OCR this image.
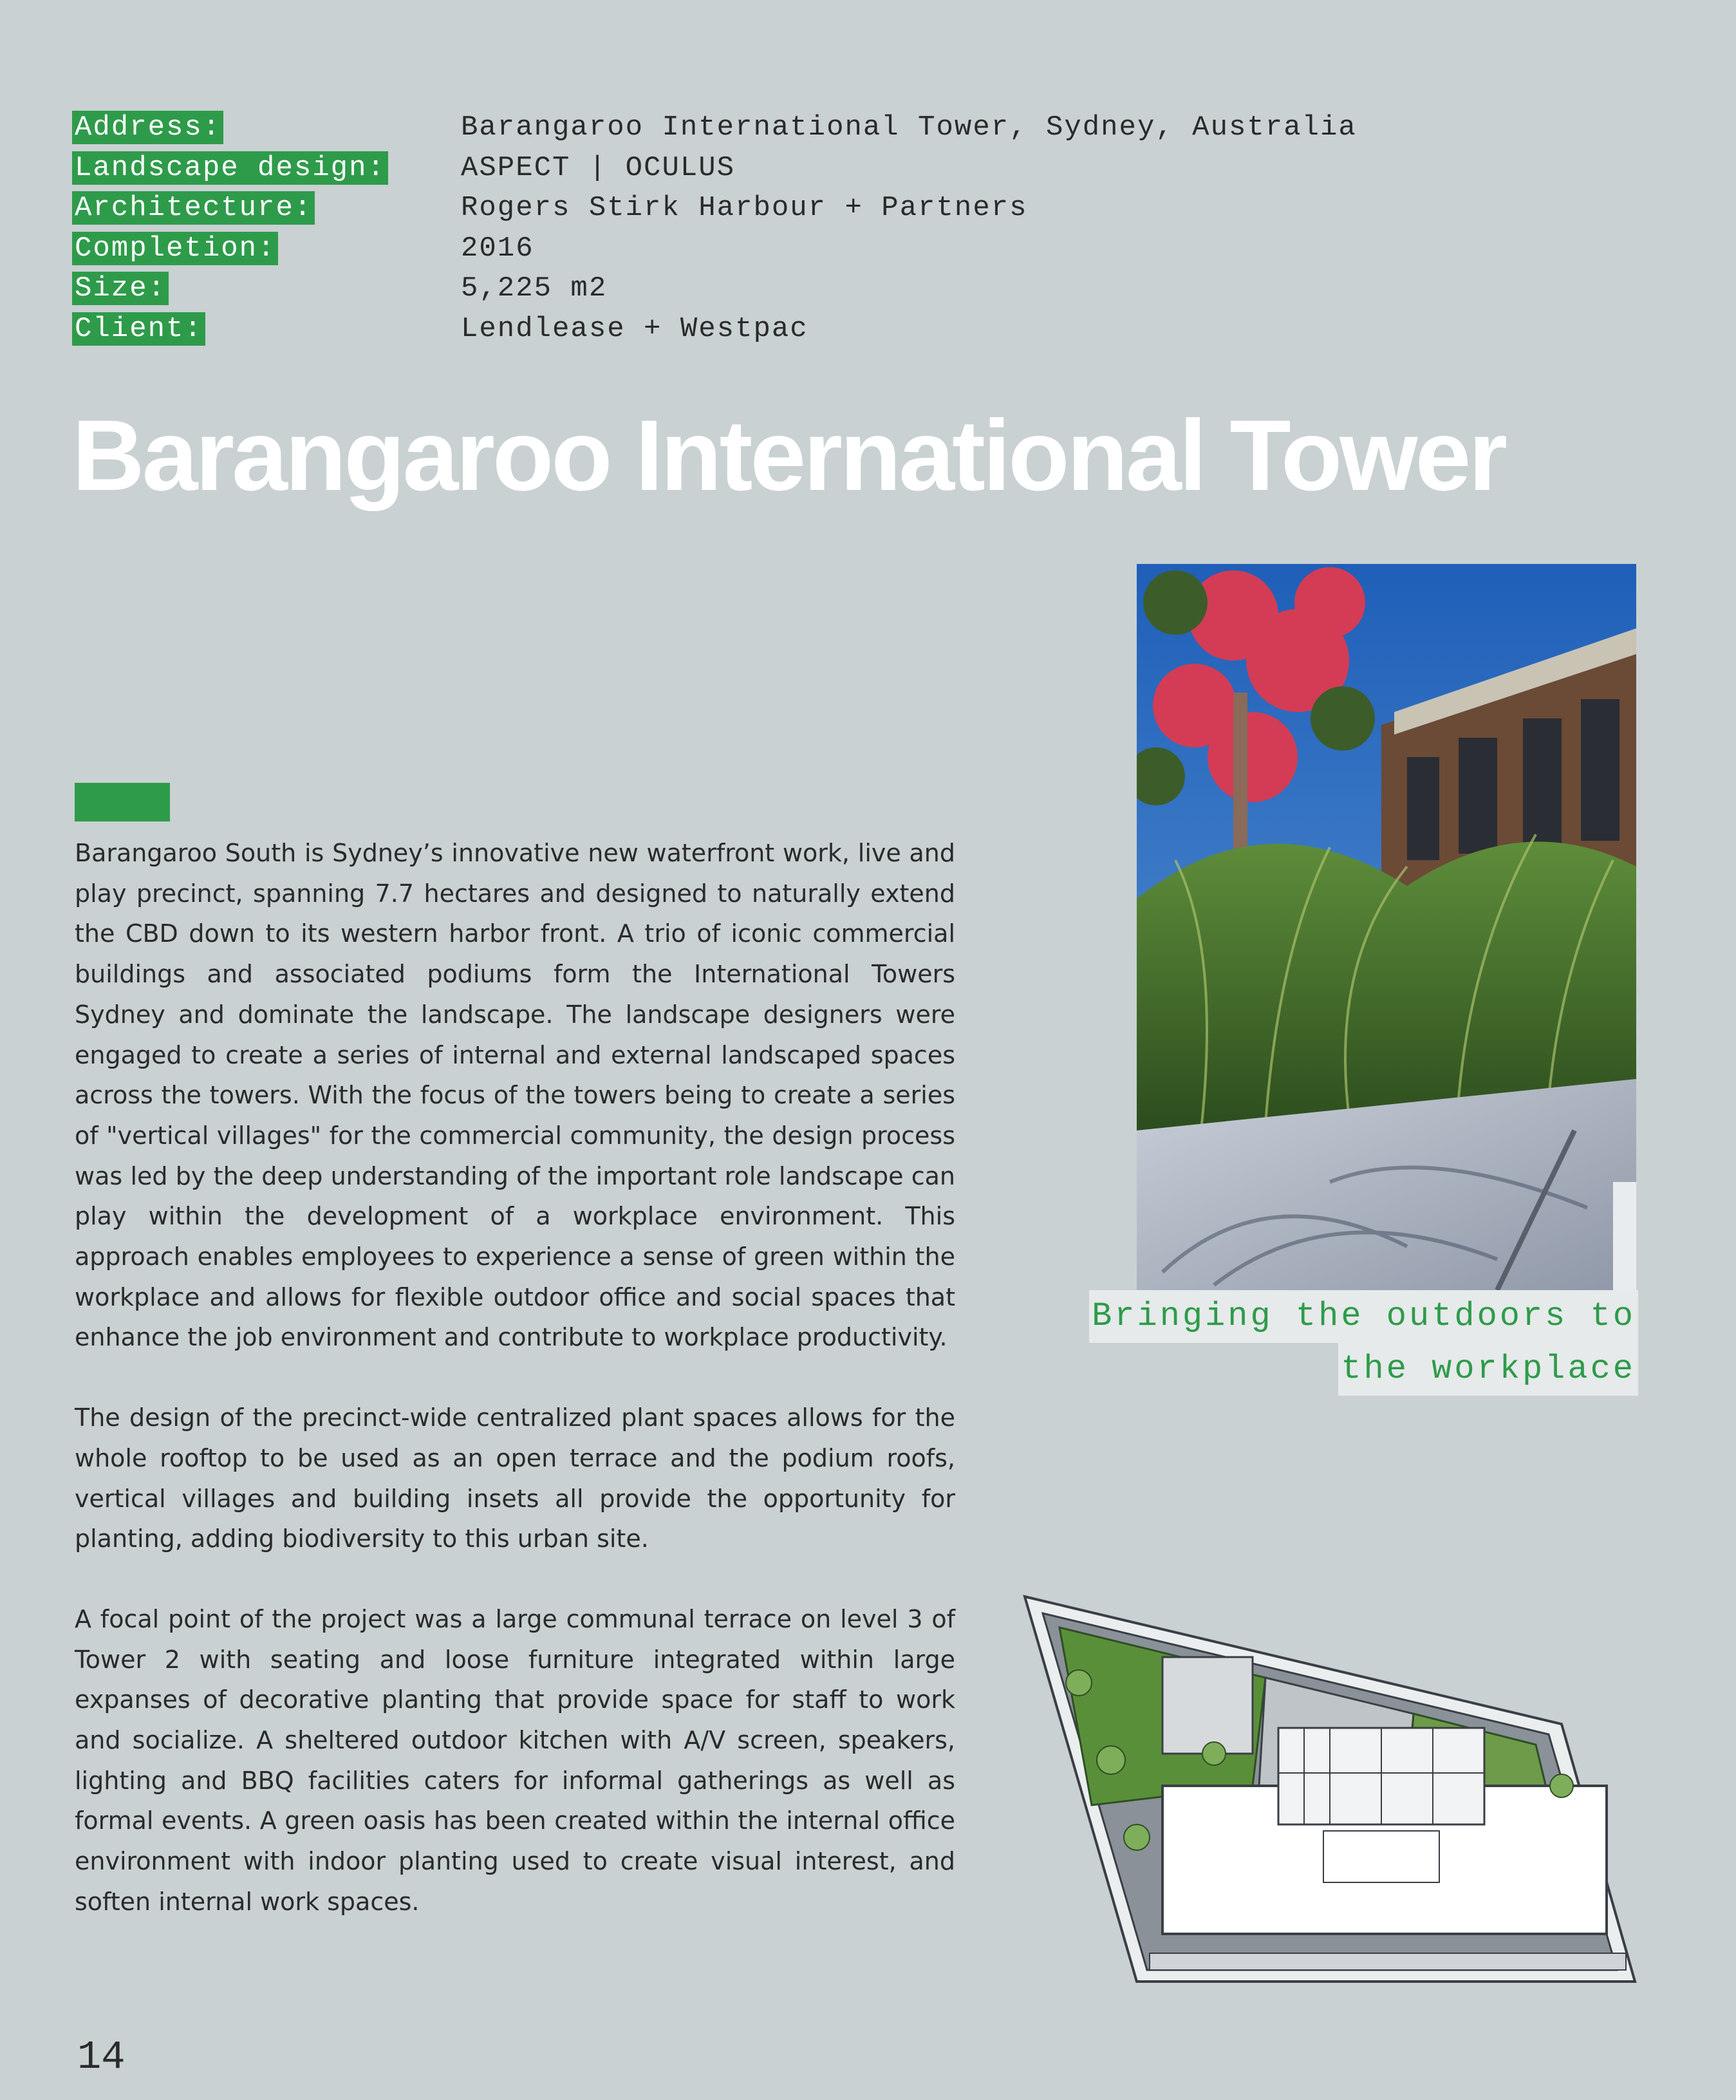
Address:	Barangaroo International Tower, Sydney, Australia
Landscape design:	ASPECT | OCULUS
Architecture:	Rogers Stirk Harbour + Partners
Completion:	2016
Size:	5,225 m2
Client:	Lendlease + Westpac
Barangaroo International Tower

Barangaroo South is Sydney’s innovative new waterfront work, live and play precinct, spanning 7.7 hectares and designed to naturally extend the CBD down to its western harbor front. A trio of iconic commercial buildings and associated podiums form the International Towers Sydney and dominate the landscape. The landscape designers were engaged to create a series of internal and external landscaped spaces across the towers. With the focus of the towers being to create a series of "vertical villages" for the commercial community, the design process was led by the deep understanding of the important role landscape can play within the development of a workplace environment. This approach enables employees to experience a sense of green within the workplace and allows for flexible outdoor office and social spaces that enhance the job environment and contribute to workplace productivity.

The design of the precinct-wide centralized plant spaces allows for the whole rooftop to be used as an open terrace and the podium roofs, vertical villages and building insets all provide the opportunity for planting, adding biodiversity to this urban site.

A focal point of the project was a large communal terrace on level 3 of Tower 2 with seating and loose furniture integrated within large expanses of decorative planting that provide space for staff to work and socialize. A sheltered outdoor kitchen with A/V screen, speakers, lighting and BBQ facilities caters for informal gatherings as well as formal events. A green oasis has been created within the internal office environment with indoor planting used to create visual interest, and soften internal work spaces.

Bringing the outdoors to
the workplace
14
